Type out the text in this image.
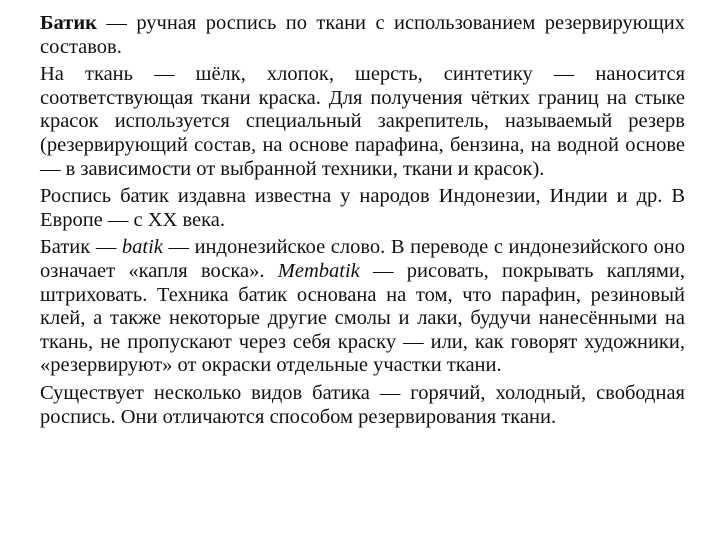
Батик — ручная роспись по ткани с использованием резервирующих составов.

На ткань — шёлк, хлопок, шерсть, синтетику — наносится соответствующая ткани краска. Для получения чётких границ на стыке красок используется специальный закрепитель, называемый резерв (резервирующий состав, на основе парафина, бензина, на водной основе — в зависимости от выбранной техники, ткани и красок).

Роспись батик издавна известна у народов Индонезии, Индии и др. В Европе — с XX века.

Батик — batik — индонезийское слово. В переводе с индонезийского оно означает «капля воска». Membatik — рисовать, покрывать каплями, штриховать. Техника батик основана на том, что парафин, резиновый клей, а также некоторые другие смолы и лаки, будучи нанесёнными на ткань, не пропускают через себя краску — или, как говорят художники, «резервируют» от окраски отдельные участки ткани.

Существует несколько видов батика — горячий, холодный, свободная роспись. Они отличаются способом резервирования ткани.
